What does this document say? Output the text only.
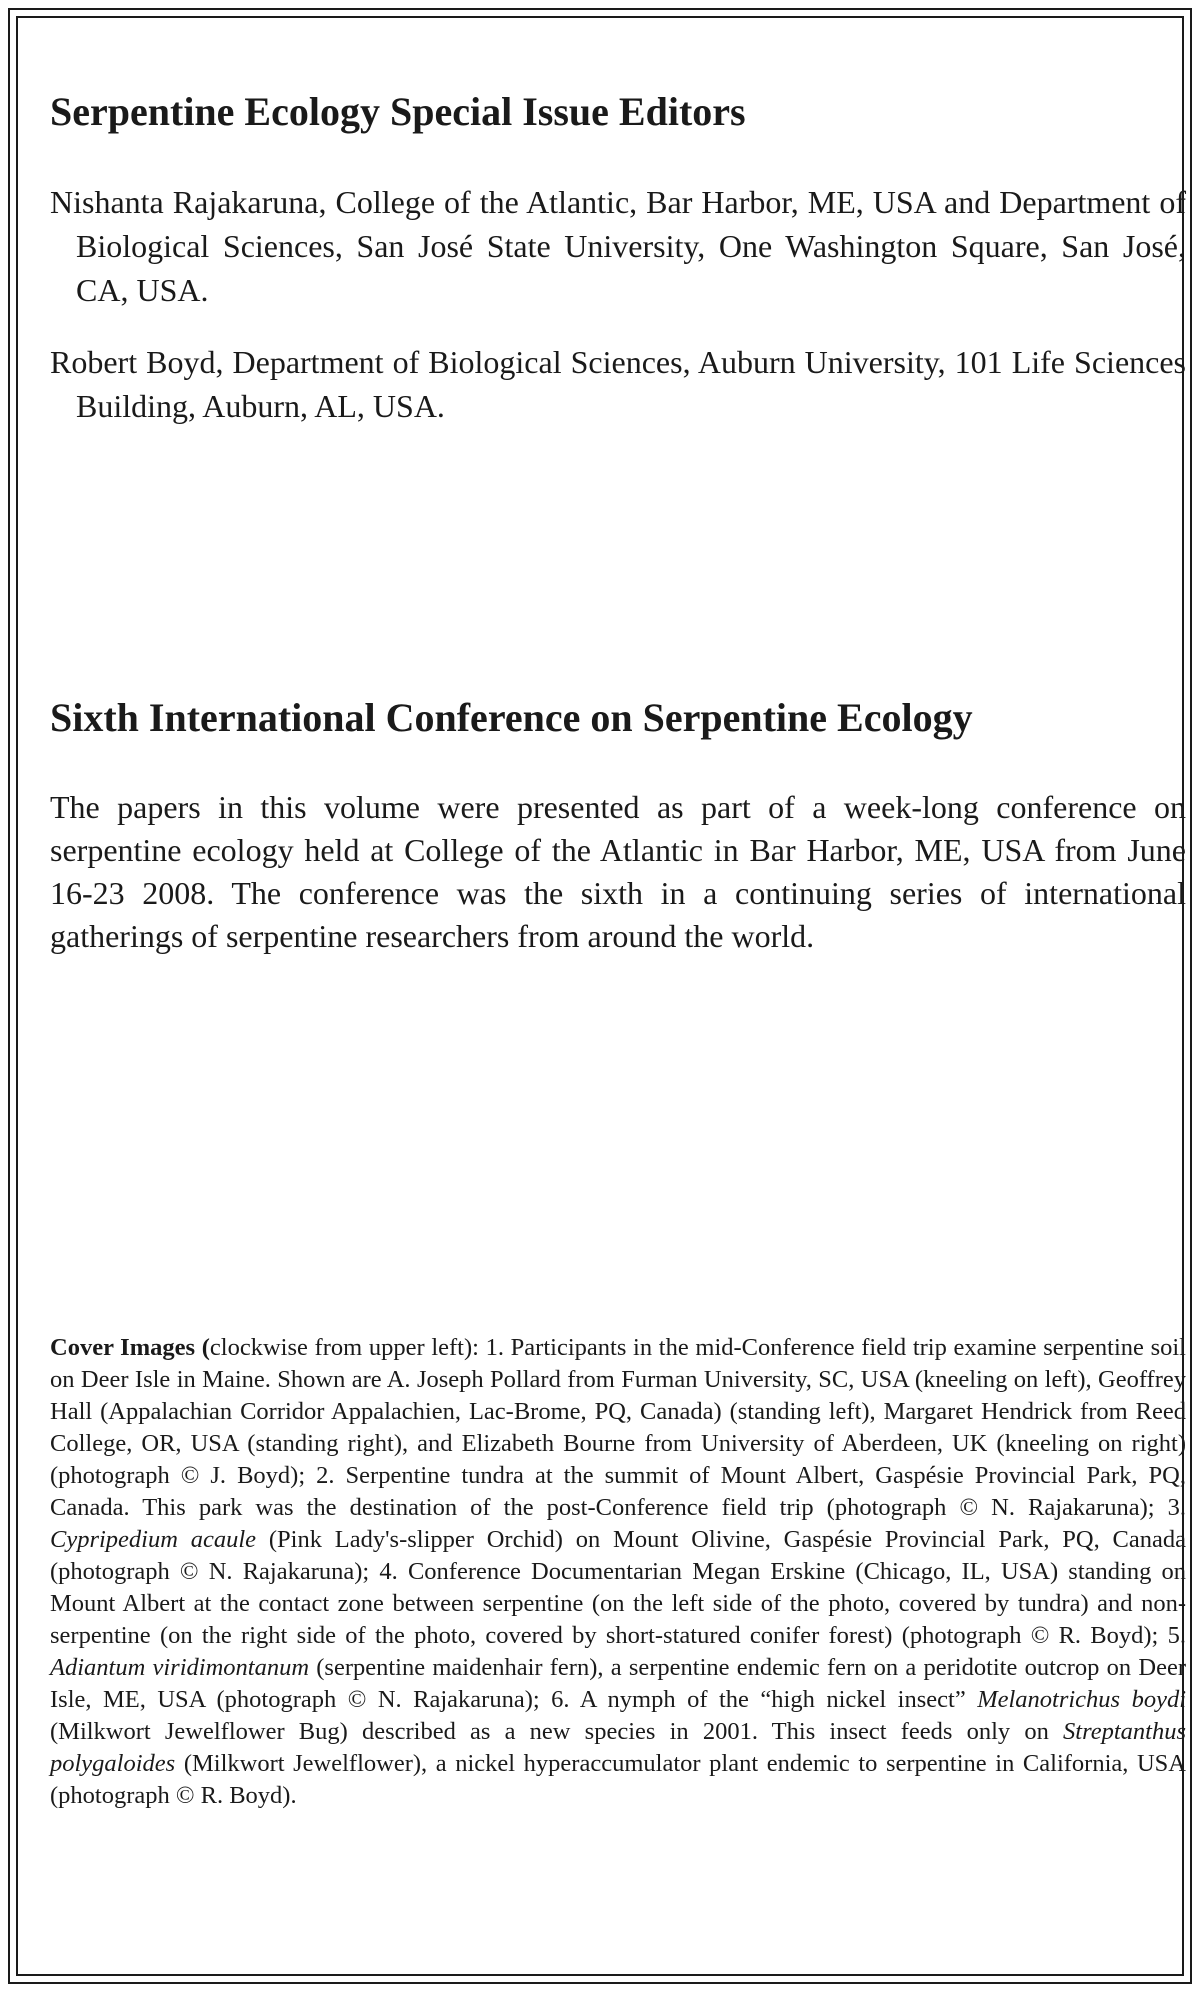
Serpentine Ecology Special Issue Editors

Nishanta Rajakaruna, College of the Atlantic, Bar Harbor, ME, USA and Department of Biological Sciences, San José State University, One Washington Square, San José, CA, USA.

Robert Boyd, Department of Biological Sciences, Auburn University, 101 Life Sciences Building, Auburn, AL, USA.

Sixth International Conference on Serpentine Ecology

The papers in this volume were presented as part of a week-long conference on serpentine ecology held at College of the Atlantic in Bar Harbor, ME, USA from June 16-23 2008. The conference was the sixth in a continuing series of international gatherings of serpentine researchers from around the world.

Cover Images (clockwise from upper left): 1. Participants in the mid-Conference field trip examine serpentine soil on Deer Isle in Maine. Shown are A. Joseph Pollard from Furman University, SC, USA (kneeling on left), Geoffrey Hall (Appalachian Corridor Appalachien, Lac-Brome, PQ, Canada) (standing left), Margaret Hendrick from Reed College, OR, USA (standing right), and Elizabeth Bourne from University of Aberdeen, UK (kneeling on right) (photograph © J. Boyd); 2. Serpentine tundra at the summit of Mount Albert, Gaspésie Provincial Park, PQ, Canada. This park was the destination of the post-Conference field trip (photograph © N. Rajakaruna); 3. Cypripedium acaule (Pink Lady's-slipper Orchid) on Mount Olivine, Gaspésie Provincial Park, PQ, Canada (photograph © N. Rajakaruna); 4. Conference Documentarian Megan Erskine (Chicago, IL, USA) standing on Mount Albert at the contact zone between serpentine (on the left side of the photo, covered by tundra) and non-serpentine (on the right side of the photo, covered by short-statured conifer forest) (photograph © R. Boyd); 5. Adiantum viridimontanum (serpentine maidenhair fern), a serpentine endemic fern on a peridotite outcrop on Deer Isle, ME, USA (photograph © N. Rajakaruna); 6. A nymph of the “high nickel insect” Melanotrichus boydi (Milkwort Jewelflower Bug) described as a new species in 2001. This insect feeds only on Streptanthus polygaloides (Milkwort Jewelflower), a nickel hyperaccumulator plant endemic to serpentine in California, USA (photograph © R. Boyd).
